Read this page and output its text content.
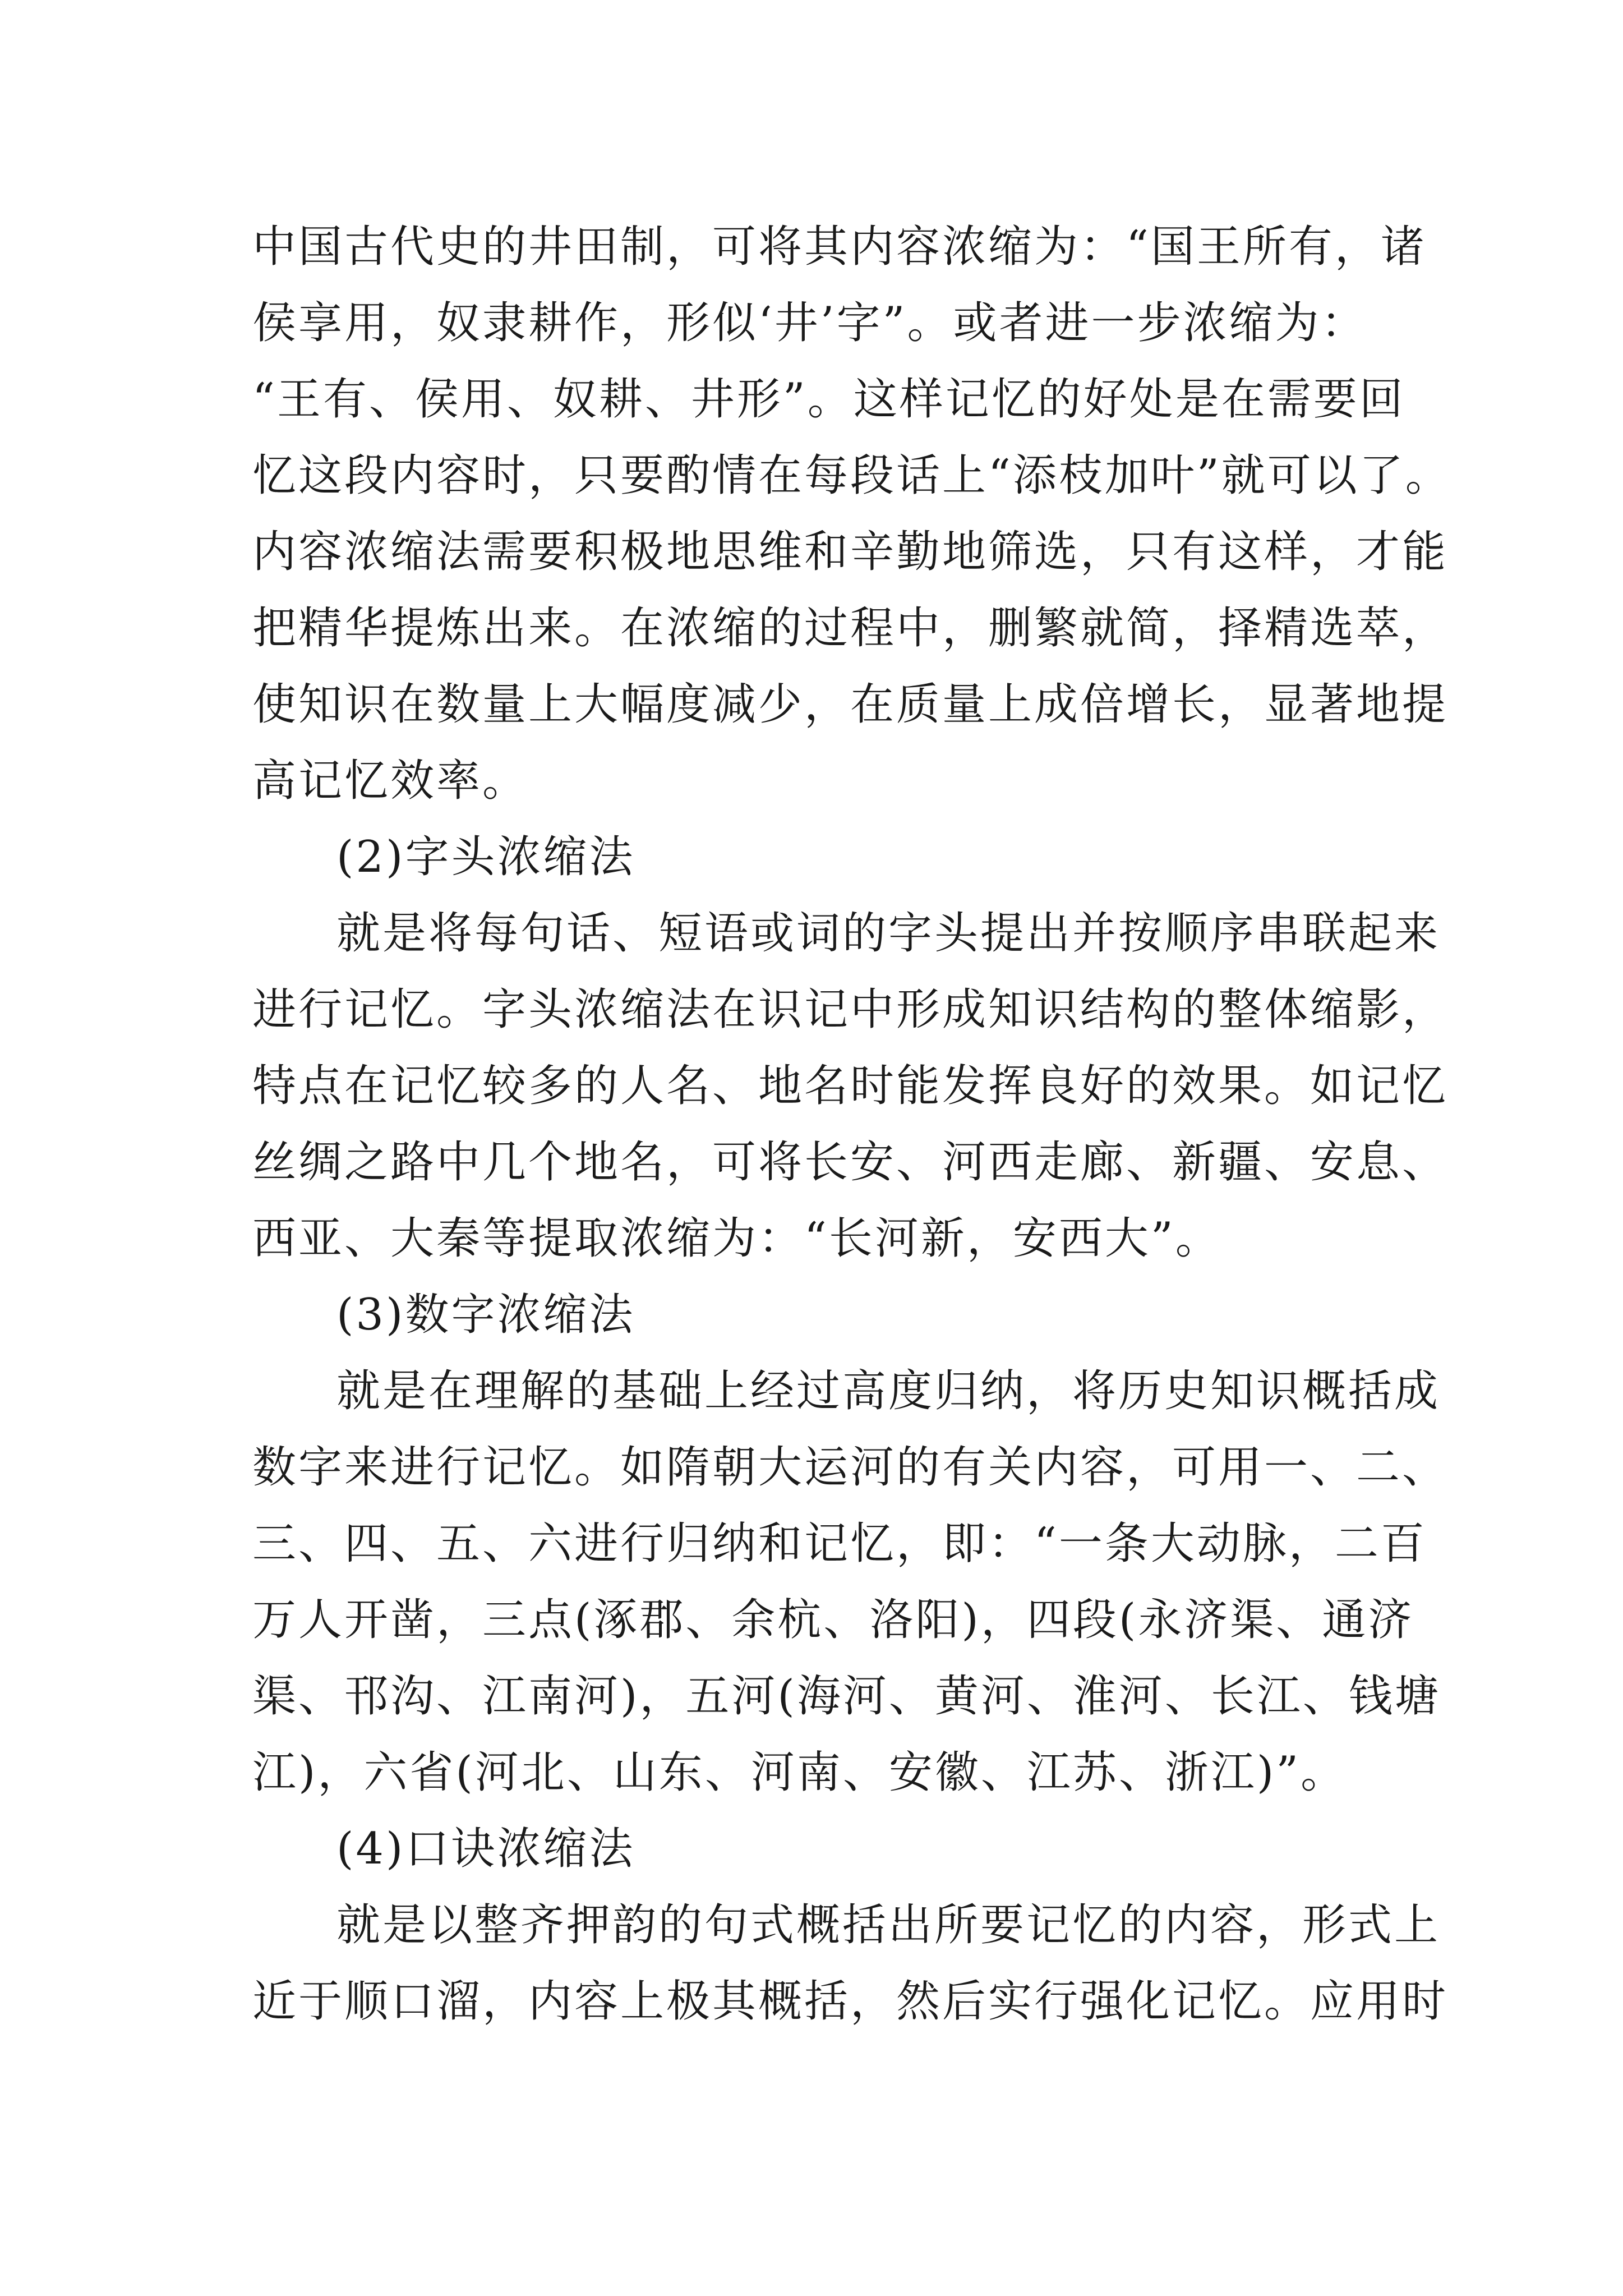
中国古代史的井田制，可将其内容浓缩为：“国王所有，诸
侯享用，奴隶耕作，形似‘井’字”。或者进一步浓缩为：
“王有、侯用、奴耕、井形”。这样记忆的好处是在需要回
忆这段内容时，只要酌情在每段话上“添枝加叶”就可以了。
内容浓缩法需要积极地思维和辛勤地筛选，只有这样，才能
把精华提炼出来。在浓缩的过程中，删繁就简，择精选萃，
使知识在数量上大幅度减少，在质量上成倍增长，显著地提
高记忆效率。
(2)字头浓缩法
就是将每句话、短语或词的字头提出并按顺序串联起来
进行记忆。字头浓缩法在识记中形成知识结构的整体缩影，
特点在记忆较多的人名、地名时能发挥良好的效果。如记忆
丝绸之路中几个地名，可将长安、河西走廊、新疆、安息、
西亚、大秦等提取浓缩为：“长河新，安西大”。
(3)数字浓缩法
就是在理解的基础上经过高度归纳，将历史知识概括成
数字来进行记忆。如隋朝大运河的有关内容，可用一、二、
三、四、五、六进行归纳和记忆，即：“一条大动脉，二百
万人开凿，三点(涿郡、余杭、洛阳)，四段(永济渠、通济
渠、邗沟、江南河)，五河(海河、黄河、淮河、长江、钱塘
江)，六省(河北、山东、河南、安徽、江苏、浙江)”。
(4)口诀浓缩法
就是以整齐押韵的句式概括出所要记忆的内容，形式上
近于顺口溜，内容上极其概括，然后实行强化记忆。应用时
